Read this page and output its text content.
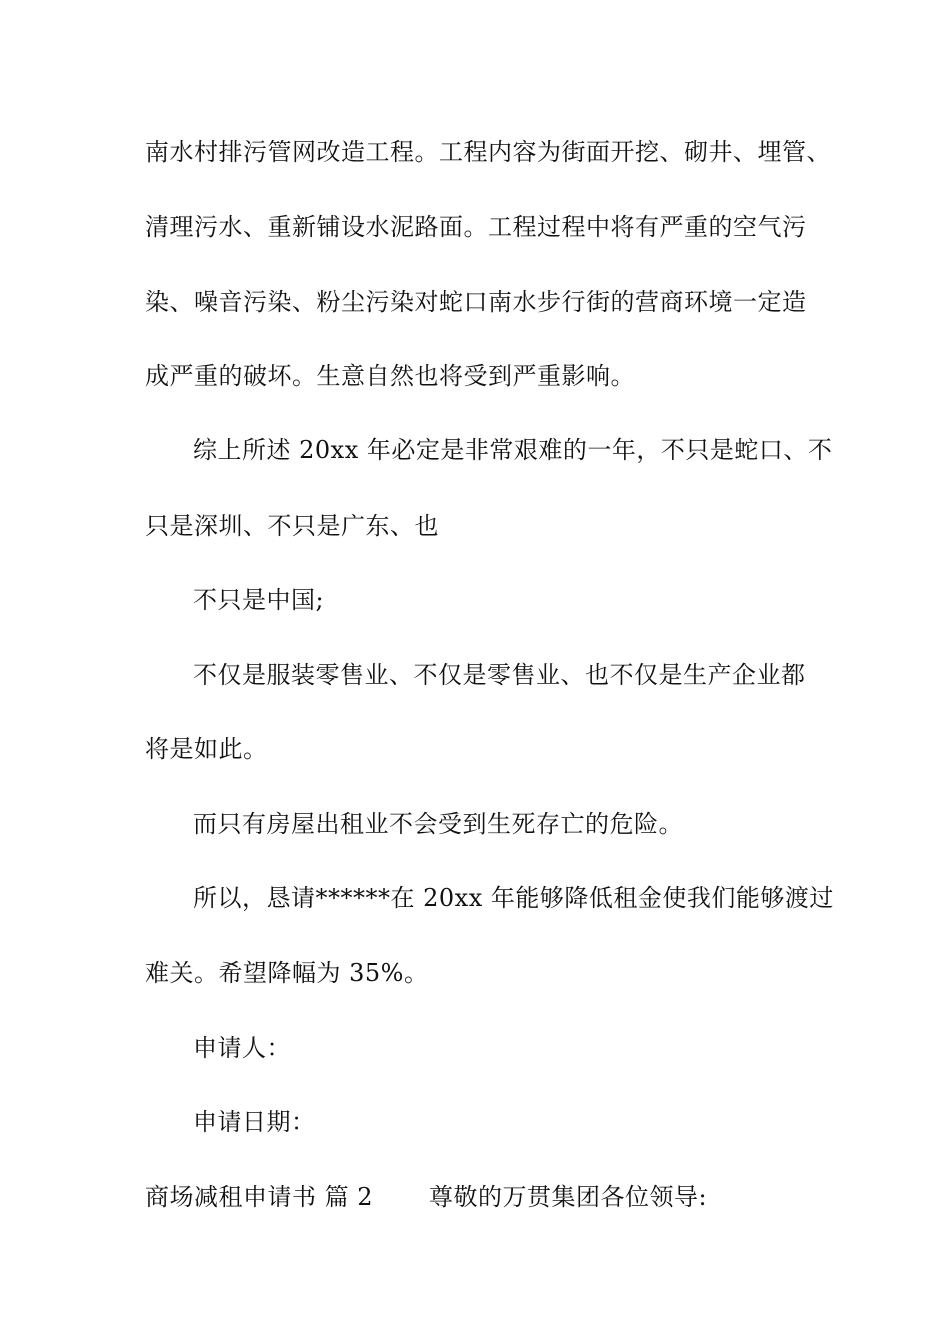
南水村排污管网改造工程。工程内容为街面开挖、砌井、埋管、
清理污水、重新铺设水泥路面。工程过程中将有严重的空气污
染、噪音污染、粉尘污染对蛇口南水步行街的营商环境一定造
成严重的破坏。生意自然也将受到严重影响。
综上所述 20xx 年必定是非常艰难的一年，不只是蛇口、不
只是深圳、不只是广东、也
不只是中国;
不仅是服装零售业、不仅是零售业、也不仅是生产企业都
将是如此。
而只有房屋出租业不会受到生死存亡的危险。
所以，恳请******在 20xx 年能够降低租金使我们能够渡过
难关。希望降幅为 35%。
申请人：
申请日期：
商场减租申请书 篇 2 尊敬的万贯集团各位领导:
